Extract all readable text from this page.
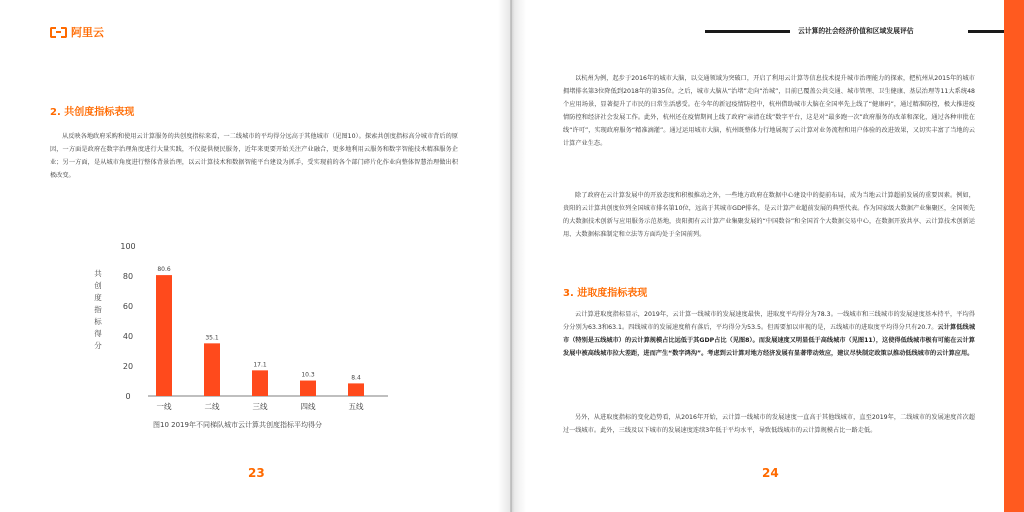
阿里云
2. 共创度指标表现
从反映各地政府采购和使用云计算服务的共创度指标来看，一二线城市的平均得分远高于其他城市（见图10）。探索共创度指标高分城市背后的原因，一方面是政府在数字治理角度进行大量实践，不仅提供便民服务，近年来更要开始关注产业融合，更多地利用云服务和数字智能技术精准服务企业；另一方面，是从城市角度进行整体背景治理，以云计算技术和数据智能平台建设为抓手，受实现前的各个部门碎片化作业向整体智慧治理做出积极改变。
共创度指标得分
0
20
40
60
80
100
80.6
一线
35.1
二线
17.1
三线
10.3
四线
8.4
五线
图10 2019年不同梯队城市云计算共创度指标平均得分
23
云计算的社会经济价值和区域发展评估
以杭州为例，起步于2016年的城市大脑，以交通领域为突破口，开启了利用云计算等信息技术提升城市治理能力的探索，把杭州从2015年的城市拥堵排名第3位降低到2018年的第35位。之后，城市大脑从“治堵”走向“治城”，目前已覆盖公共交通、城市管理、卫生健康、基层治理等11大系统48个应用场景，显著提升了市民的日常生活感受。在今年的新冠疫情防控中，杭州借助城市大脑在全国率先上线了“健康码”，通过精准防控，极大推进疫情防控和经济社会发展工作。此外，杭州还在疫情期间上线了政府“亲清在线”数字平台，这是对“最多跑一次”政府服务的改革和深化，通过各种审批在线“许可”，实现政府服务“精准滴灌”。通过运用城市大脑，杭州既整体力行地展现了云计算对业务流程和用户体验的改进效果，又切实丰富了当地的云计算产业生态。
除了政府在云计算发展中的开放态度和积极推动之外，一些地方政府在数据中心建设中的提前布局，成为当地云计算超前发展的重要因素。例如，贵阳的云计算共创度位列全国城市排名第10位，远高于其城市GDP排名，是云计算产业超前发展的典型代表。作为国家级大数据产业集聚区，全国领先的大数据技术创新与应用服务示范基地，贵阳拥有云计算产业集聚发展的“中国数谷”和全国首个大数据交易中心，在数据开放共享、云计算技术创新运用、大数据标准制定和立法等方面均处于全国前列。
3. 进取度指标表现
云计算进取度指标显示，2019年，云计算一线城市的发展速度最快，进取度平均得分为78.3。一线城市和三线城市的发展速度基本持平，平均得分分别为63.3和63.1。四线城市的发展速度稍有落后，平均得分为53.5。但需要加以审视的是，五线城市的进取度平均得分只有20.7。云计算低线城市（特别是五线城市）的云计算规模占比远低于其GDP占比（见图8）。而发展速度又明显低于高线城市（见图11），这使得低线城市极有可能在云计算发展中被高线城市拉大差距，进而产生“数字鸿沟”。考虑到云计算对地方经济发展有显著带动效应，建议尽快制定政策以推动低线城市的云计算应用。
另外，从进取度指标的变化趋势看，从2016年开始，云计算一线城市的发展速度一直高于其他线城市，直至2019年，二线城市的发展速度首次超过一线城市。此外，三线及以下城市的发展速度连续3年低于平均水平，导致低线城市的云计算规模占比一路走低。
24
